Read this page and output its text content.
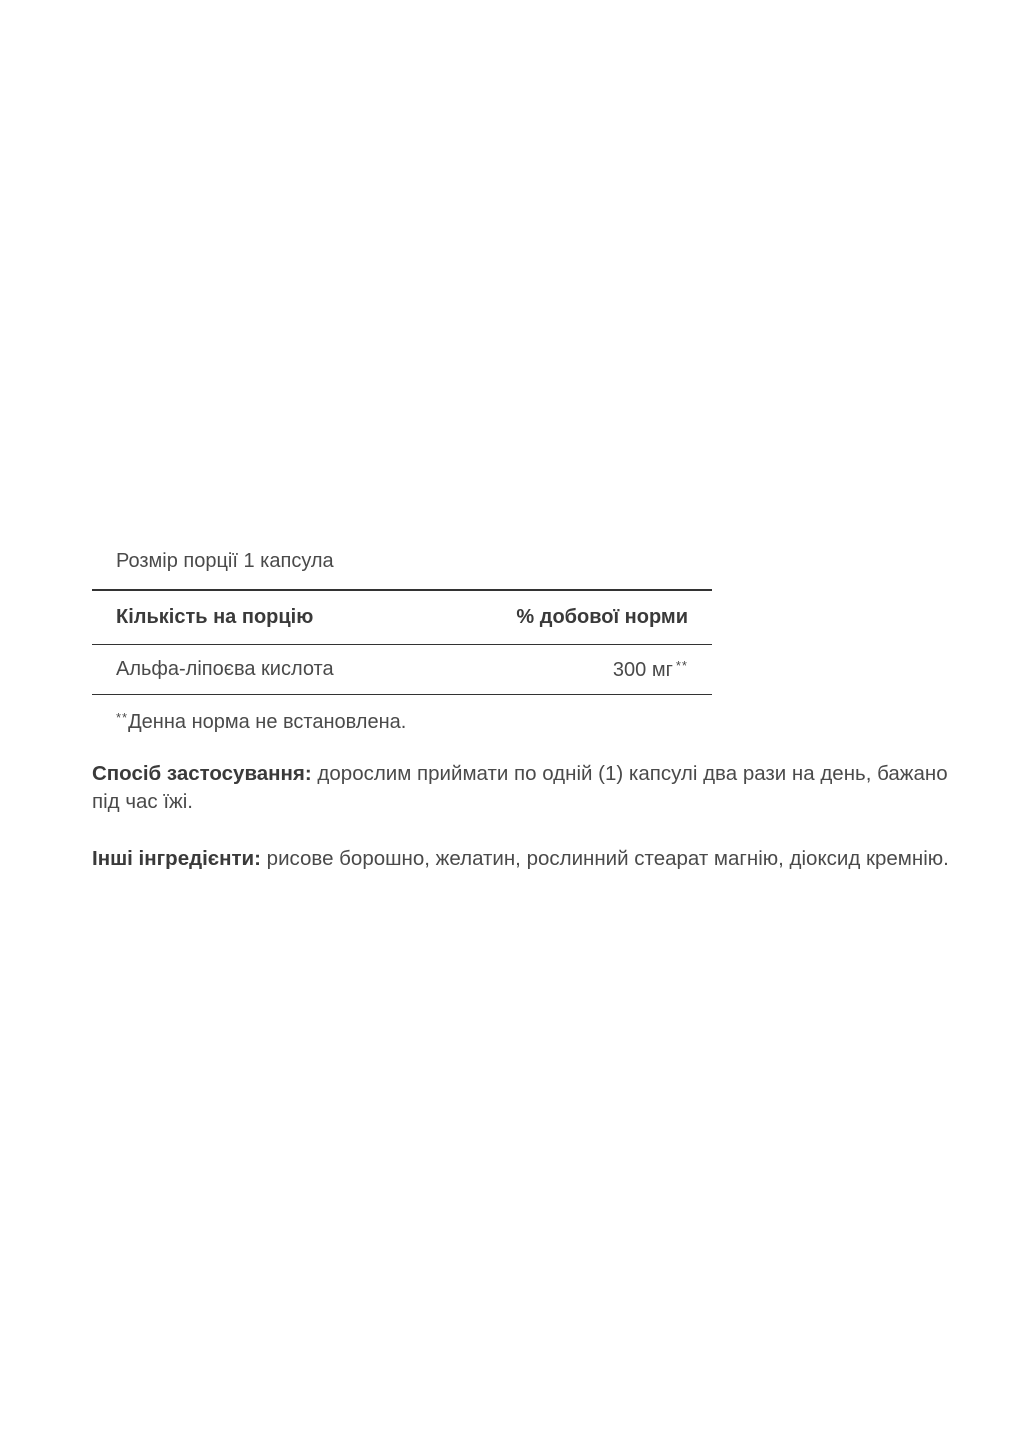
Розмір порції 1 капсула
Кількість на порцію	% добової норми
Альфа-ліпоєва кислота	300 мг **
**Денна норма не встановлена.
Спосіб застосування: дорослим приймати по одній (1) капсулі два рази на день, бажано під час їжі.
Інші інгредієнти: рисове борошно, желатин, рослинний стеарат магнію, діоксид кремнію.
